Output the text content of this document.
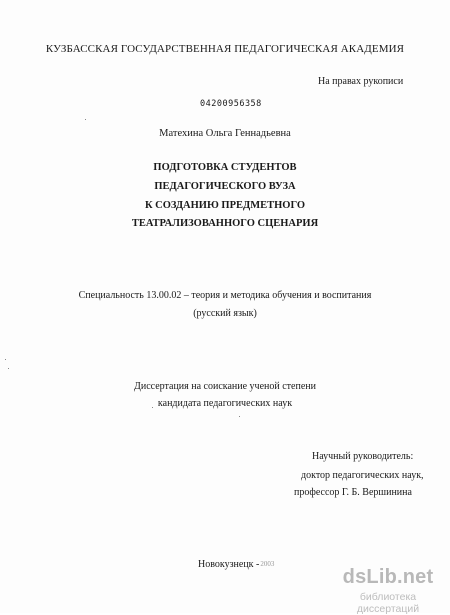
КУЗБАССКАЯ ГОСУДАРСТВЕННАЯ ПЕДАГОГИЧЕСКАЯ АКАДЕМИЯ
На правах рукописи
04200956358
Матехина Ольга Геннадьевна
ПОДГОТОВКА СТУДЕНТОВ
ПЕДАГОГИЧЕСКОГО ВУЗА
К СОЗДАНИЮ ПРЕДМЕТНОГО
ТЕАТРАЛИЗОВАННОГО СЦЕНАРИЯ
Специальность 13.00.02 – теория и методика обучения и воспитания
(русский язык)
Диссертация на соискание ученой степени
кандидата педагогических наук
Научный руководитель:
доктор педагогических наук,
профессор Г. Б. Вершинина
Новокузнецк -2003
dsLib.net
библиотека диссертаций
